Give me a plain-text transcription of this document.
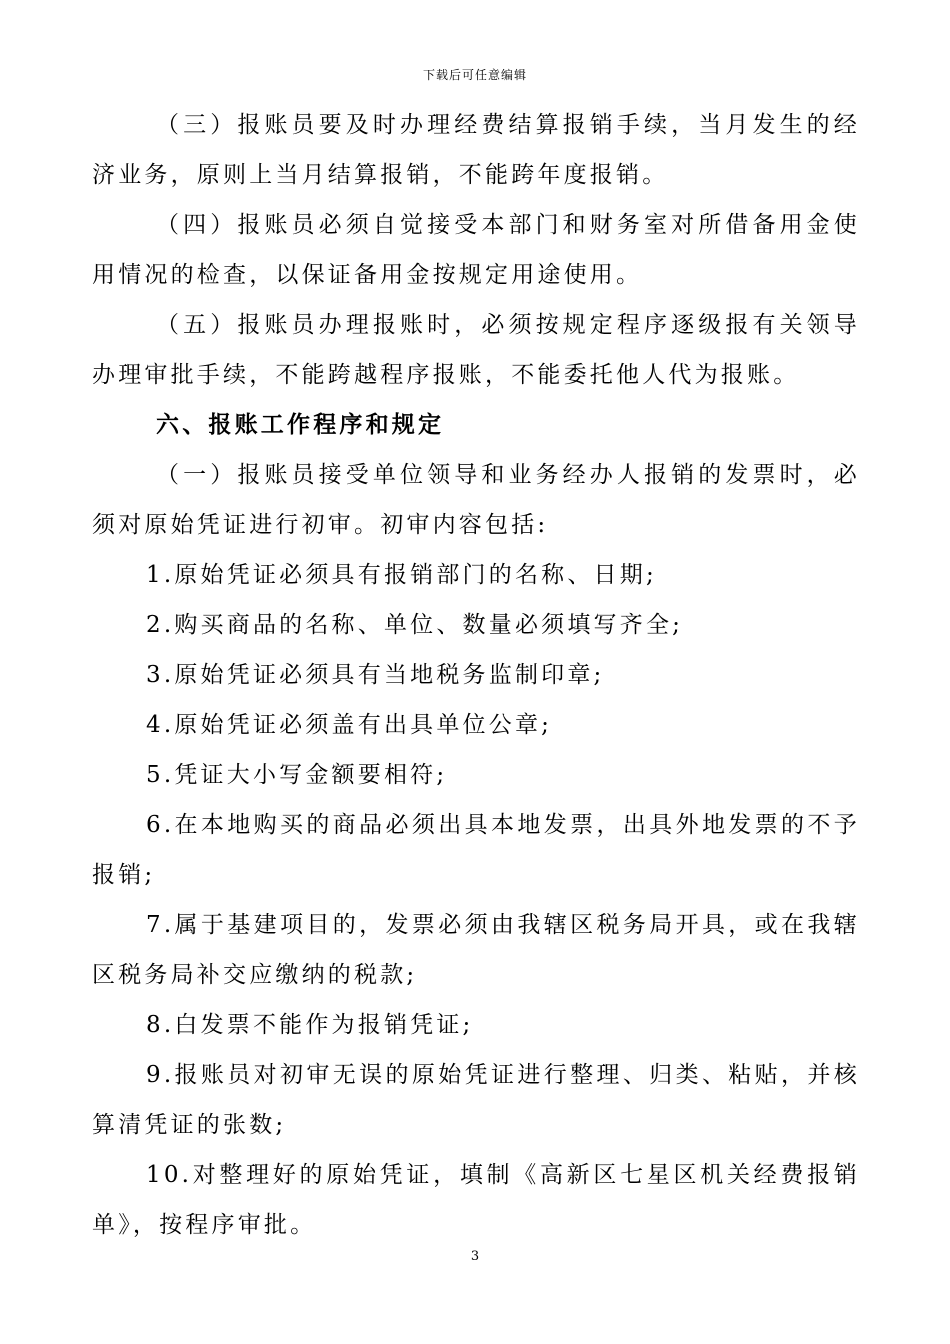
下载后可任意编辑

（三）报账员要及时办理经费结算报销手续，当月发生的经济业务，原则上当月结算报销，不能跨年度报销。

（四）报账员必须自觉接受本部门和财务室对所借备用金使用情况的检查，以保证备用金按规定用途使用。

（五）报账员办理报账时，必须按规定程序逐级报有关领导办理审批手续，不能跨越程序报账，不能委托他人代为报账。

六、报账工作程序和规定

（一）报账员接受单位领导和业务经办人报销的发票时，必须对原始凭证进行初审。初审内容包括:

1.原始凭证必须具有报销部门的名称、日期;

2.购买商品的名称、单位、数量必须填写齐全;

3.原始凭证必须具有当地税务监制印章;

4.原始凭证必须盖有出具单位公章;

5.凭证大小写金额要相符;

6.在本地购买的商品必须出具本地发票，出具外地发票的不予报销;

7.属于基建项目的，发票必须由我辖区税务局开具，或在我辖区税务局补交应缴纳的税款;

8.白发票不能作为报销凭证;

9.报账员对初审无误的原始凭证进行整理、归类、粘贴，并核算清凭证的张数;

10.对整理好的原始凭证，填制《高新区七星区机关经费报销单》，按程序审批。

3
